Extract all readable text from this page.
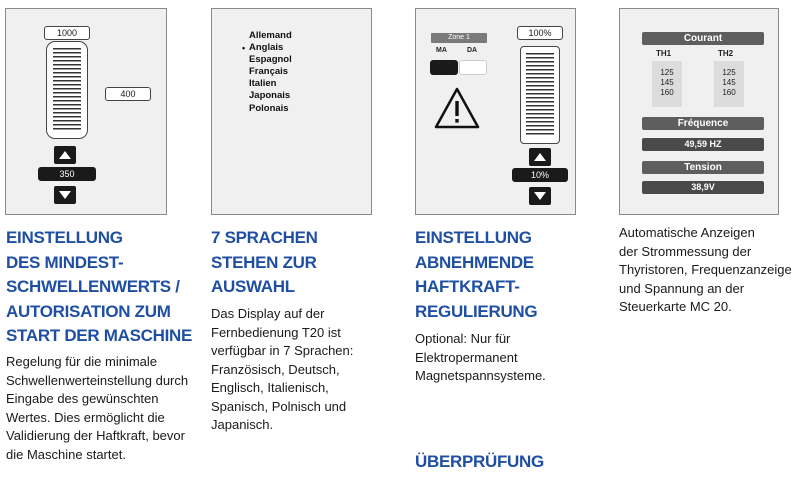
1000
400
350
Allemand
• Anglais
Espagnol
Français
Italien
Japonais
Polonais
Zone 1
MA	DA
100%
10%
Courant
TH1	TH2
125
145
160
125
145
160
Fréquence
49,59 HZ
Tension
38,9V
EINSTELLUNG
DES MINDEST-
SCHWELLENWERTS /
AUTORISATION ZUM
START DER MASCHINE
Regelung für die minimale
Schwellenwerteinstellung durch
Eingabe des gewünschten
Wertes. Dies ermöglicht die
Validierung der Haftkraft, bevor
die Maschine startet.
7 SPRACHEN
STEHEN ZUR
AUSWAHL
Das Display auf der
Fernbedienung T20 ist
verfügbar in 7 Sprachen:
Französisch, Deutsch,
Englisch, Italienisch,
Spanisch, Polnisch und
Japanisch.
EINSTELLUNG
ABNEHMENDE
HAFTKRAFT-
REGULIERUNG
Optional: Nur für
Elektropermanent
Magnetspannsysteme.
ÜBERPRÜFUNG
Automatische Anzeigen
der Strommessung der
Thyristoren, Frequenzanzeige
und Spannung an der
Steuerkarte MC 20.
